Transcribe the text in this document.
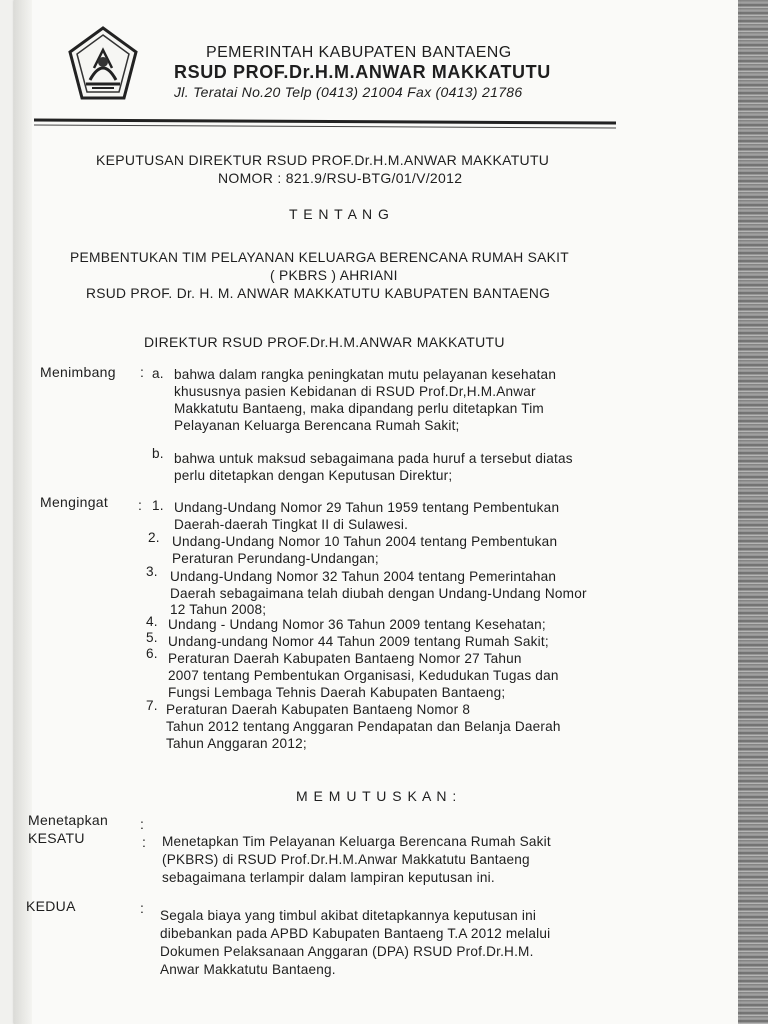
PEMERINTAH KABUPATEN BANTAENG
RSUD PROF.Dr.H.M.ANWAR MAKKATUTU
Jl. Teratai No.20 Telp (0413) 21004 Fax (0413) 21786
KEPUTUSAN DIREKTUR RSUD PROF.Dr.H.M.ANWAR MAKKATUTU
NOMOR : 821.9/RSU-BTG/01/V/2012
T E N T A N G
PEMBENTUKAN TIM PELAYANAN KELUARGA BERENCANA RUMAH SAKIT
( PKBRS ) AHRIANI
RSUD PROF. Dr. H. M. ANWAR MAKKATUTU KABUPATEN BANTAENG
DIREKTUR RSUD PROF.Dr.H.M.ANWAR MAKKATUTU
Menimbang : a. bahwa dalam rangka peningkatan mutu pelayanan kesehatan
khususnya pasien Kebidanan di RSUD Prof.Dr,H.M.Anwar
Makkatutu Bantaeng, maka dipandang perlu ditetapkan Tim
Pelayanan Keluarga Berencana Rumah Sakit;
b. bahwa untuk maksud sebagaimana pada huruf a tersebut diatas
perlu ditetapkan dengan Keputusan Direktur;
Mengingat : 1. Undang-Undang Nomor 29 Tahun 1959 tentang Pembentukan
Daerah-daerah Tingkat II di Sulawesi.
2. Undang-Undang Nomor 10 Tahun 2004 tentang Pembentukan
Peraturan Perundang-Undangan;
3. Undang-Undang Nomor 32 Tahun 2004 tentang Pemerintahan
Daerah sebagaimana telah diubah dengan Undang-Undang Nomor
12 Tahun 2008;
4. Undang - Undang Nomor 36 Tahun 2009 tentang Kesehatan;
5. Undang-undang Nomor 44 Tahun 2009 tentang Rumah Sakit;
6. Peraturan Daerah Kabupaten Bantaeng Nomor 27 Tahun
2007 tentang Pembentukan Organisasi, Kedudukan Tugas dan
Fungsi Lembaga Tehnis Daerah Kabupaten Bantaeng;
7. Peraturan Daerah Kabupaten Bantaeng Nomor 8
Tahun 2012 tentang Anggaran Pendapatan dan Belanja Daerah
Tahun Anggaran 2012;
M E M U T U S K A N :
Menetapkan :
KESATU	: Menetapkan Tim Pelayanan Keluarga Berencana Rumah Sakit
(PKBRS) di RSUD Prof.Dr.H.M.Anwar Makkatutu Bantaeng
sebagaimana terlampir dalam lampiran keputusan ini.
KEDUA	: Segala biaya yang timbul akibat ditetapkannya keputusan ini
dibebankan pada APBD Kabupaten Bantaeng T.A 2012 melalui
Dokumen Pelaksanaan Anggaran (DPA) RSUD Prof.Dr.H.M.
Anwar Makkatutu Bantaeng.
